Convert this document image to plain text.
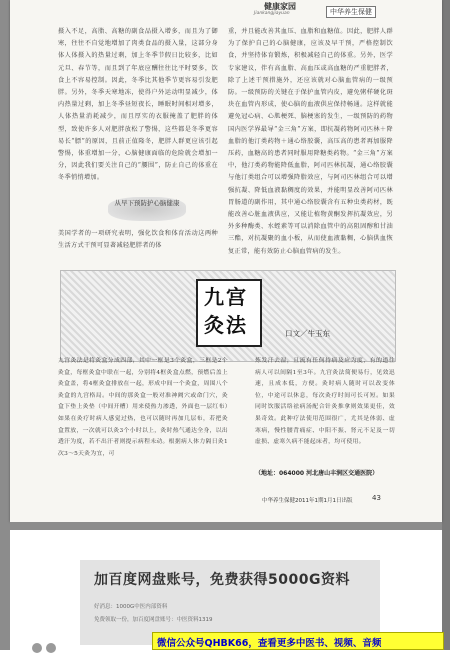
健康家园
Jiankangjiayuan	中华养生保健
摄入不足，高脂、高糖的副食品摄入增多，而且为了御寒，往往不自觉地增加了肉类食品的摄入量，这部分身体人体摄入的热量过剩，加上冬季节假日比较多，比如元旦、春节等，而且到了年底应酬往往比平时要多，饮食上不容易控制。因此，冬季比其他季节更容易引发肥胖。另外，冬季天寒地冻，使得户外运动明显减少，体内热量过剩，加上冬季昼短夜长，睡眠时间相对增多，人体热量消耗减少，而且厚实的衣服掩盖了肥胖的体型，致使许多人对肥胖放松了警惕，这些都是冬季更容易长“膘”的原因，且前正值隆冬，肥胖人群更应该引起警惕，体重增加一分，心脑健康面临的危险就会增加一分，因此我们要关注自己的“腰围”，防止自己的体重在冬季悄悄增加。
从早下预防护心脑健康
美国学者的一项研究表明，强化饮食和体育活动这两种生活方式干预可显著减轻肥胖者的体
重，并且能改善其血压、血脂和血糖值。因此，肥胖人群为了保护自己的心脑健康，应该及早干预，严格控制饮食，并坚持体育锻炼，积极减轻自己的体重。另外，医学专家建议，伴有高血脂、高血压或高血糖的严重肥胖者，除了上述干预措施外，还应该就对心脑血管病的一级预防。一级预防的关键在于保护血管内皮，避免粥样硬化斑块在血管内形成，使心脑的血液供应保持畅通。这样就能避免冠心病、心肌梗死、脑梗塞的发生，一级预防的药物国内医学界最导“金三角”方案，即抗凝药物阿司匹林＋降血脂的他汀类药物＋通心络胶囊，高压高的患者再加服降压药，血糖高的患者同时服用降糖类药物。“金三角”方案中，他汀类药物能降低血脂，阿司匹林抗凝，通心络胶囊与他汀类组合可以增强降脂效应，与阿司匹林组合可以增强抗凝、降低血液黏稠度的效果，并能明显改善阿司匹林胃肠道的副作用，其中通心络胶囊含有五种虫类药材，既能改善心脏血液供应，又能让植物黄酮发挥抗凝效应，另外多种酶类、水蛭素等可以消除血管中的高阻固醇和甘油三酯，对抗凝聚的血小板，从而使血液黏稠，心脑供血恢复正常，能有效防止心脑血管病的发生。
九宫灸法	口文／牛玉东
九宫灸法是将灸盒分成四部，其中一框是3个灸盒，三框是2个灸盒，每框灸盒中联在一起，分别将4框灸盒点燃，预燃后盖上灸盒盖，将4框灸盒排放在一起，形成中间一个灸盒，周围八个灸盒的九宫格局。中间的那灸盒一般对准神阙穴或命门穴，灸盒下垫上灸垫（中间开槽）用来使热力渗透，外面也一层红布）如果在灸疗时病人感觉过热，也可以随时再加几层布，若把灸盒置放，一次就可以灸3个小时以上，灸时热气通达全身，以出透汗为度，若不出汗者则提示病程未动。根据病人体力隔日灸1次3～5天灸为宜，可
炼发汗去湿，且流有任何持病及应为度，有的道往病人可以间隔1至3年。九宫灸法简便易行，见效迅速，且成本低，方便。灸时病人随时可以改变体位，中途可以休息，每次灸疗时间可长可短。如果同时饮服活络祛病汤配合针灸推拿则效果更佳，效果奇效。此种疗法使用范围很广，尤其是体弱、虚寒病，慢性腰背痛症、中阳不振、肾元不足及一切虚损、虚寒久病不能起床者，均可使用。
（地址：064000 河北唐山丰润区交通医院）
中华养生保健2011年1期1月1日出版	43
加百度网盘账号，免费获得5000G资料
好消息：1000G中医内部资料
免费领取一份，加百度网盘账号：中医资料1319
微信公众号QHBK66，查看更多中医书、视频、音频
